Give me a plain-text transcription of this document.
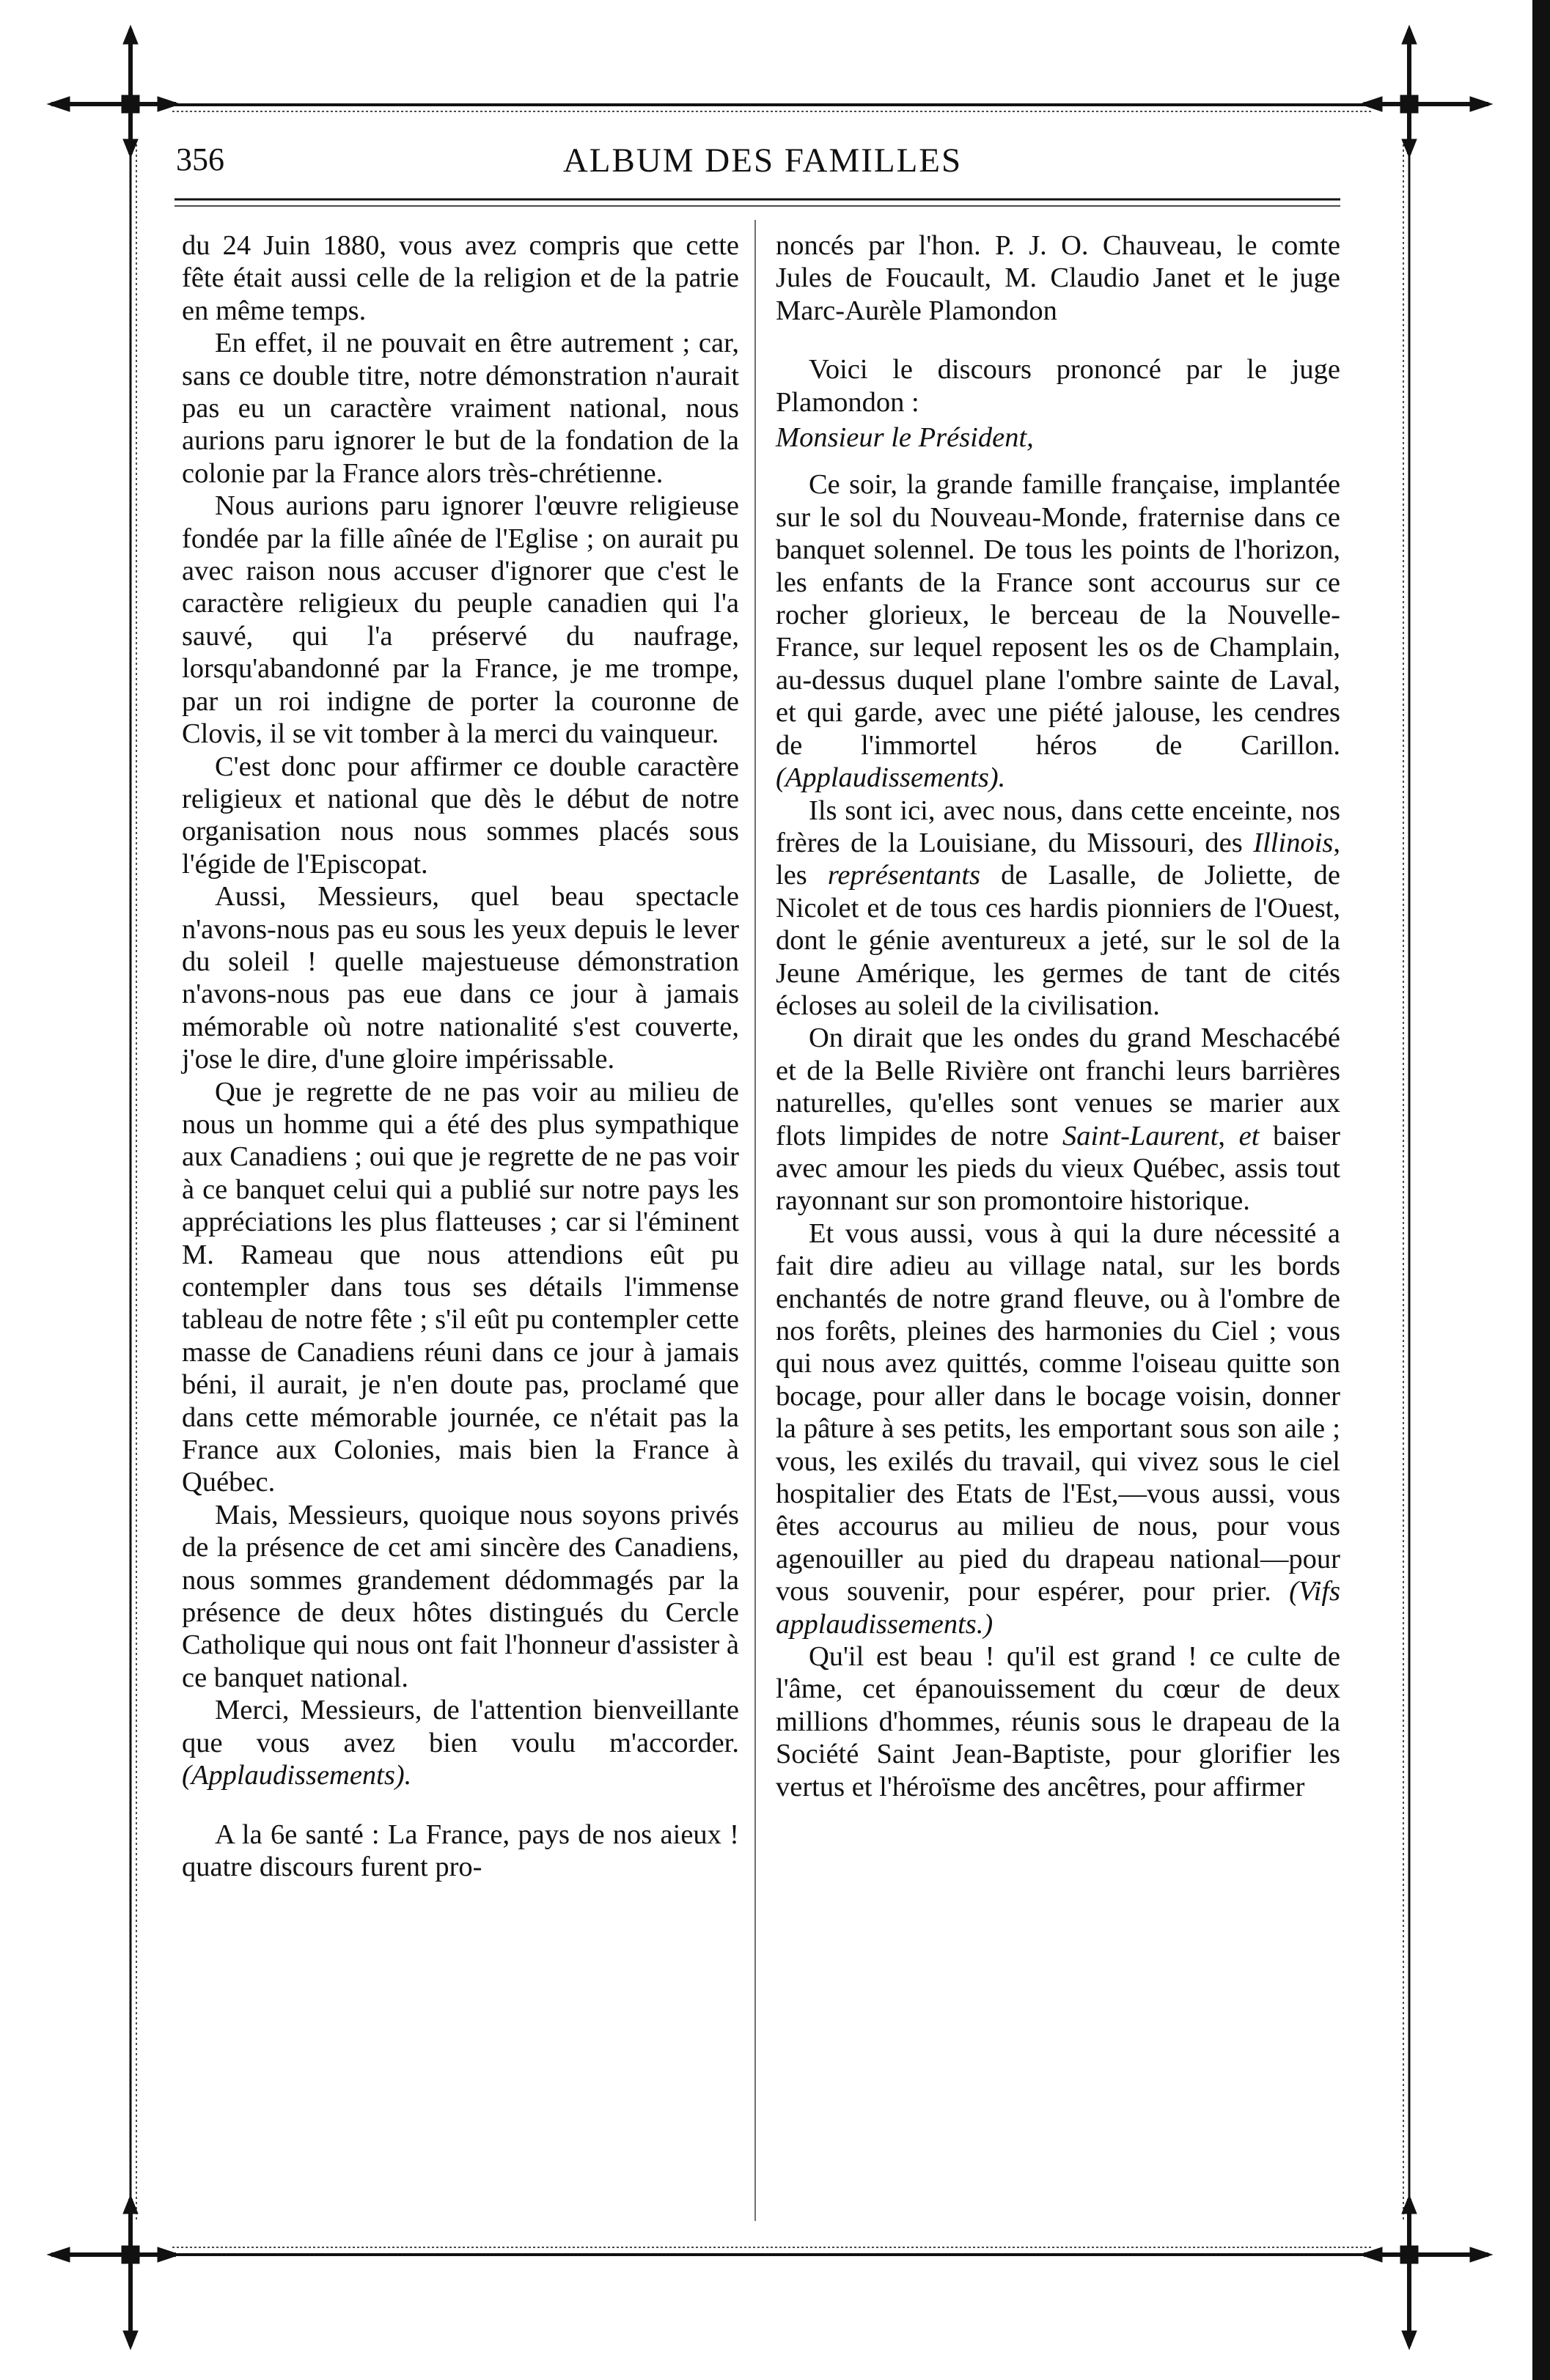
356	ALBUM DES FAMILLES

du 24 Juin 1880, vous avez compris que cette fête était aussi celle de la religion et de la patrie en même temps.

En effet, il ne pouvait en être autrement ; car, sans ce double titre, notre démonstration n'aurait pas eu un caractère vraiment national, nous aurions paru ignorer le but de la fondation de la colonie par la France alors très-chrétienne.

Nous aurions paru ignorer l'œuvre religieuse fondée par la fille aînée de l'Eglise ; on aurait pu avec raison nous accuser d'ignorer que c'est le caractère religieux du peuple canadien qui l'a sauvé, qui l'a préservé du naufrage, lorsqu'abandonné par la France, je me trompe, par un roi indigne de porter la couronne de Clovis, il se vit tomber à la merci du vainqueur.

C'est donc pour affirmer ce double caractère religieux et national que dès le début de notre organisation nous nous sommes placés sous l'égide de l'Episcopat.

Aussi, Messieurs, quel beau spectacle n'avons-nous pas eu sous les yeux depuis le lever du soleil ! quelle majestueuse démonstration n'avons-nous pas eue dans ce jour à jamais mémorable où notre nationalité s'est couverte, j'ose le dire, d'une gloire impérissable.

Que je regrette de ne pas voir au milieu de nous un homme qui a été des plus sympathique aux Canadiens ; oui que je regrette de ne pas voir à ce banquet celui qui a publié sur notre pays les appréciations les plus flatteuses ; car si l'éminent M. Rameau que nous attendions eût pu contempler dans tous ses détails l'immense tableau de notre fête ; s'il eût pu contempler cette masse de Canadiens réuni dans ce jour à jamais béni, il aurait, je n'en doute pas, proclamé que dans cette mémorable journée, ce n'était pas la France aux Colonies, mais bien la France à Québec.

Mais, Messieurs, quoique nous soyons privés de la présence de cet ami sincère des Canadiens, nous sommes grandement dédommagés par la présence de deux hôtes distingués du Cercle Catholique qui nous ont fait l'honneur d'assister à ce banquet national.

Merci, Messieurs, de l'attention bienveillante que vous avez bien voulu m'accorder. (Applaudissements).

A la 6e santé : La France, pays de nos aieux ! quatre discours furent pro-

noncés par l'hon. P. J. O. Chauveau, le comte Jules de Foucault, M. Claudio Janet et le juge Marc-Aurèle Plamondon

Voici le discours prononcé par le juge Plamondon :

Monsieur le Président,

Ce soir, la grande famille française, implantée sur le sol du Nouveau-Monde, fraternise dans ce banquet solennel. De tous les points de l'horizon, les enfants de la France sont accourus sur ce rocher glorieux, le berceau de la Nouvelle-France, sur lequel reposent les os de Champlain, au-dessus duquel plane l'ombre sainte de Laval, et qui garde, avec une piété jalouse, les cendres de l'immortel héros de Carillon. (Applaudissements).

Ils sont ici, avec nous, dans cette enceinte, nos frères de la Louisiane, du Missouri, des Illinois, les représentants de Lasalle, de Joliette, de Nicolet et de tous ces hardis pionniers de l'Ouest, dont le génie aventureux a jeté, sur le sol de la Jeune Amérique, les germes de tant de cités écloses au soleil de la civilisation.

On dirait que les ondes du grand Meschacébé et de la Belle Rivière ont franchi leurs barrières naturelles, qu'elles sont venues se marier aux flots limpides de notre Saint-Laurent, et baiser avec amour les pieds du vieux Québec, assis tout rayonnant sur son promontoire historique.

Et vous aussi, vous à qui la dure nécessité a fait dire adieu au village natal, sur les bords enchantés de notre grand fleuve, ou à l'ombre de nos forêts, pleines des harmonies du Ciel ; vous qui nous avez quittés, comme l'oiseau quitte son bocage, pour aller dans le bocage voisin, donner la pâture à ses petits, les emportant sous son aile ; vous, les exilés du travail, qui vivez sous le ciel hospitalier des Etats de l'Est,—vous aussi, vous êtes accourus au milieu de nous, pour vous agenouiller au pied du drapeau national—pour vous souvenir, pour espérer, pour prier. (Vifs applaudissements.)

Qu'il est beau ! qu'il est grand ! ce culte de l'âme, cet épanouissement du cœur de deux millions d'hommes, réunis sous le drapeau de la Société Saint Jean-Baptiste, pour glorifier les vertus et l'héroïsme des ancêtres, pour affirmer
